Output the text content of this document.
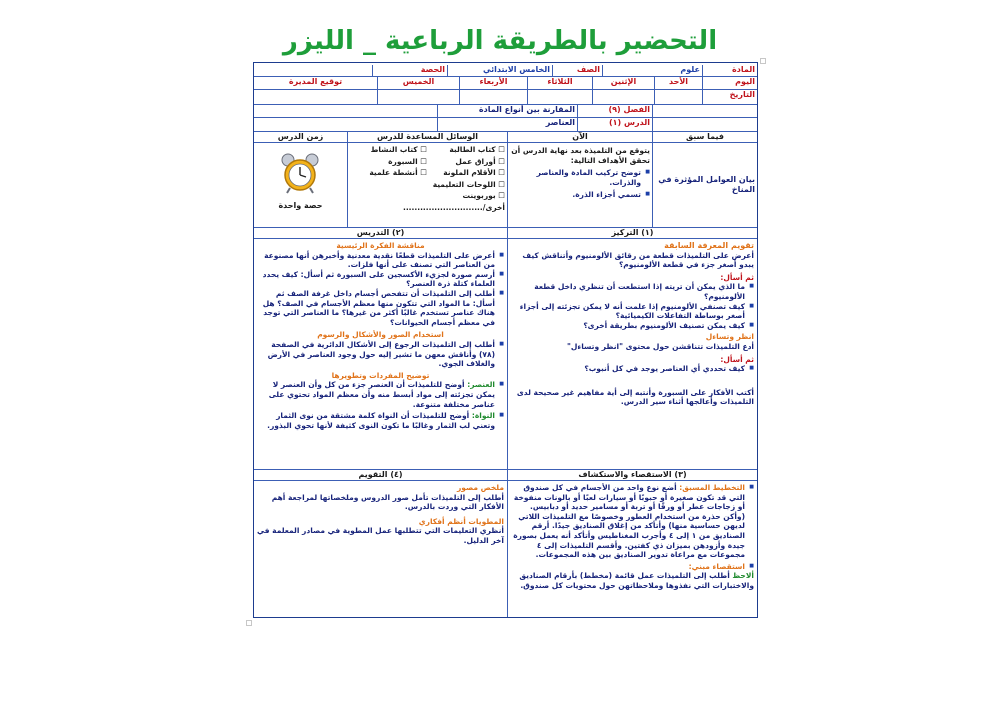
التحضير بالطريقة الرباعية _ الليزر
المادة
علوم
الصف
الخامس الابتدائي
الحصة
اليوم
الأحد
الإثنين
الثلاثاء
الأربعاء
الخميس
توقيع المديرة
التاريخ
الفصل (٩)
المقارنة بين أنواع المادة
الدرس (١)
العناصر
فيما سبق
الآن
الوسائل المساعدة للدرس
زمن الدرس
بيان العوامل المؤثرة في المناخ
يتوقع من التلميذة بعد نهاية الدرس أن تحقق الأهداف التالية:
■ توضح تركيب المادة والعناصر والذرات.
■ تسمي أجزاء الذرة.
☐ كتاب الطالبة
☐ أوراق عمل
☐ الأقلام الملونة
☐ اللوحات التعليمية
☐ بوربوينت
أخرى/............................
☐ كتاب النشاط
☐ السبورة
☐ أنشطة علمية
حصة واحدة
(١) التركيز
(٢) التدريس
تقويم المعرفة السابقة
أعرض على التلميذات قطعة من رقائق الألومنيوم وأتناقش كيف يبدو أصغر جزء في قطعة الألومنيوم؟
ثم أسأل:
■ ما الذي يمكن أن تريته إذا استطعت أن تنظري داخل قطعة الألومنيوم؟
■ كيف تصنفي الألومنيوم إذا علمت أنه لا يمكن تجزئته إلى أجزاء أصغر بوساطة التفاعلات الكيميائية؟
■ كيف يمكن تصنيف الألومنيوم بطريقة أخرى؟
انظر وتساءل
أدع التلميذات تتناقشن حول محتوى "انظر وتساءل"
ثم أسأل:
■ كيف تحددي أي العناصر يوجد في كل أنبوب؟
أكتب الأفكار على السبورة وأنتبه إلى أية مفاهيم غير صحيحة لدى التلميذات وأعالجها أثناء سير الدرس.
مناقشة الفكرة الرئيسية
■ أعرض على التلميذات قطعًا نقدية معدنية وأخبرهن أنها مصنوعة من العناصر التي تصنف على أنها فلزات.
■ أرسم صورة لجزيء الأكسجين على السبورة ثم أسأل: كيف يحدد العلماء كتلة ذرة العنصر؟
■ أطلب إلى التلميذات أن تتفحص أجسام داخل غرفة الصف ثم أسأل: ما المواد التي تتكون منها معظم الأجسام في الصف؟ هل هناك عناصر تستخدم غالبًا أكثر من غيرها؟ ما العناصر التي توجد في معظم أجسام الحيوانات؟
استخدام الصور والأشكال والرسوم
■ أطلب إلى التلميذات الرجوع إلى الأشكال الدائرية في الصفحة (٧٨) وأناقش معهن ما تشير إليه حول وجود العناصر في الأرض والغلاف الجوي.
توضيح المفردات وتطويرها
■ العنصر: أوضح للتلميذات أن العنصر جزء من كل وأن العنصر لا يمكن تجزئته إلى مواد أبسط منه وأن معظم المواد تحتوي على عناصر مختلفة متنوعة.
■ النواة: أوضح للتلميذات أن النواة كلمة مشتقة من نوى الثمار وتعني لب الثمار وغالبًا ما تكون النوى كثيفة لأنها تحوي البذور.
(٣) الاستقصاء والاستكشاف
(٤) التقويم
■ التخطيط المسبق: أضع نوع واحد من الأجسام في كل صندوق التي قد تكون صغيرة أو حبوبًا أو سيارات لعبًا أو بالونات منفوخة أو زجاجات عطر أو ورقًا أو تربة أو مسامير حديد أو دبابيس. (وأكن حذرة من استخدام العطور وخصوصًا مع التلميذات اللاتي لديهن حساسية منها) وأتأكد من إغلاق الصناديق جيدًا. أرقم الصناديق من ١ إلى ٤ وأجرب المغناطيس وأتأكد أنه يعمل بصورة جيدة وأزودهن بميزان ذي كفتين. وأقسم التلميذات إلى ٤ مجموعات مع مراعاة تدوير الصناديق بين هذه المجموعات.
■ استقصاء مبني:
ألاحظ أطلب إلى التلميذات عمل قائمة (مخطط) بأرقام الصناديق والاختبارات التي نفذوها وملاحظاتهن حول محتويات كل صندوق.
ملخص مصور
أطلب إلى التلميذات تأمل صور الدروس وملخصاتها لمراجعة أهم الأفكار التي وردت بالدرس.
المطويات أنظم أفكاري
أنظري التعليمات التي تتطلبها عمل المطوية في مصادر المعلمة في آخر الدليل.
